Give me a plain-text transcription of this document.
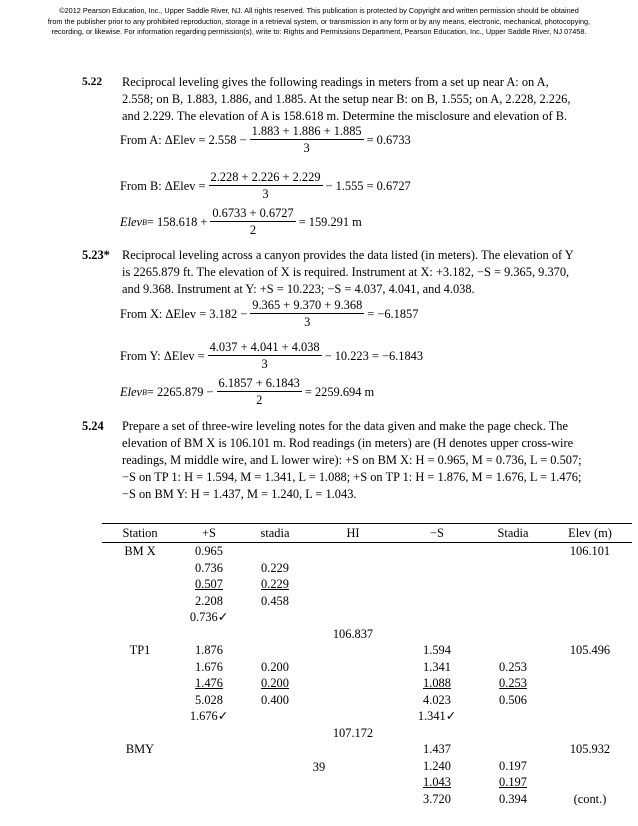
©2012 Pearson Education, Inc., Upper Saddle River, NJ. All rights reserved. This publication is protected by Copyright and written permission should be obtained
from the publisher prior to any prohibited reproduction, storage in a retrieval system, or transmission in any form or by any means, electronic, mechanical, photocopying,
recording, or likewise. For information regarding permission(s), write to: Rights and Permissions Department, Pearson Education, Inc., Upper Saddle River, NJ 07458.
5.22	Reciprocal leveling gives the following readings in meters from a set up near A: on A, 2.558; on B, 1.883, 1.886, and 1.885. At the setup near B: on B, 1.555; on A, 2.228, 2.226, and 2.229. The elevation of A is 158.618 m. Determine the misclosure and elevation of B.
From A: ΔElev = $2.558 - \frac{1.883 + 1.886 + 1.885}{3} = 0.6733$
From B: ΔElev = $\frac{2.228 + 2.226 + 2.229}{3} - 1.555 = 0.6727$
Elev $B = 158.618 + \frac{0.6733 + 0.6727}{2} = 159.291$ m
5.23* Reciprocal leveling across a canyon provides the data listed (in meters). The elevation of Y is 2265.879 ft. The elevation of X is required. Instrument at X: +3.182, −S = 9.365, 9.370, and 9.368. Instrument at Y: +S = 10.223; −S = 4.037, 4.041, and 4.038.
From X: ΔElev = $3.182 - \frac{9.365 + 9.370 + 9.368}{3} = -6.1857$
From Y: ΔElev = $\frac{4.037 + 4.041 + 4.038}{3} - 10.223 = -6.1843$
Elev $B = 2265.879 - \frac{6.1857 + 6.1843}{2} = 2259.694$ m
5.24	Prepare a set of three-wire leveling notes for the data given and make the page check. The elevation of BM X is 106.101 m. Rod readings (in meters) are (H denotes upper cross-wire readings, M middle wire, and L lower wire): +S on BM X: H = 0.965, M = 0.736, L = 0.507; −S on TP 1: H = 1.594, M = 1.341, L = 1.088; +S on TP 1: H = 1.876, M = 1.676, L = 1.476; −S on BM Y: H = 1.437, M = 1.240, L = 1.043.
Station	+S	stadia	HI	−S	Stadia	Elev (m)
BM X	0.965					106.101
	0.736	0.229				
	0.507	0.229				
	2.208	0.458				
	0.736✓					
			106.837			
TP1	1.876			1.594		105.496
	1.676	0.200		1.341	0.253	
	1.476	0.200		1.088	0.253	
	5.028	0.400		4.023	0.506	
	1.676✓			1.341✓		
			107.172			
BMY				1.437		105.932
				1.240	0.197	
				1.043	0.197	
				3.720	0.394	(cont.)
39
